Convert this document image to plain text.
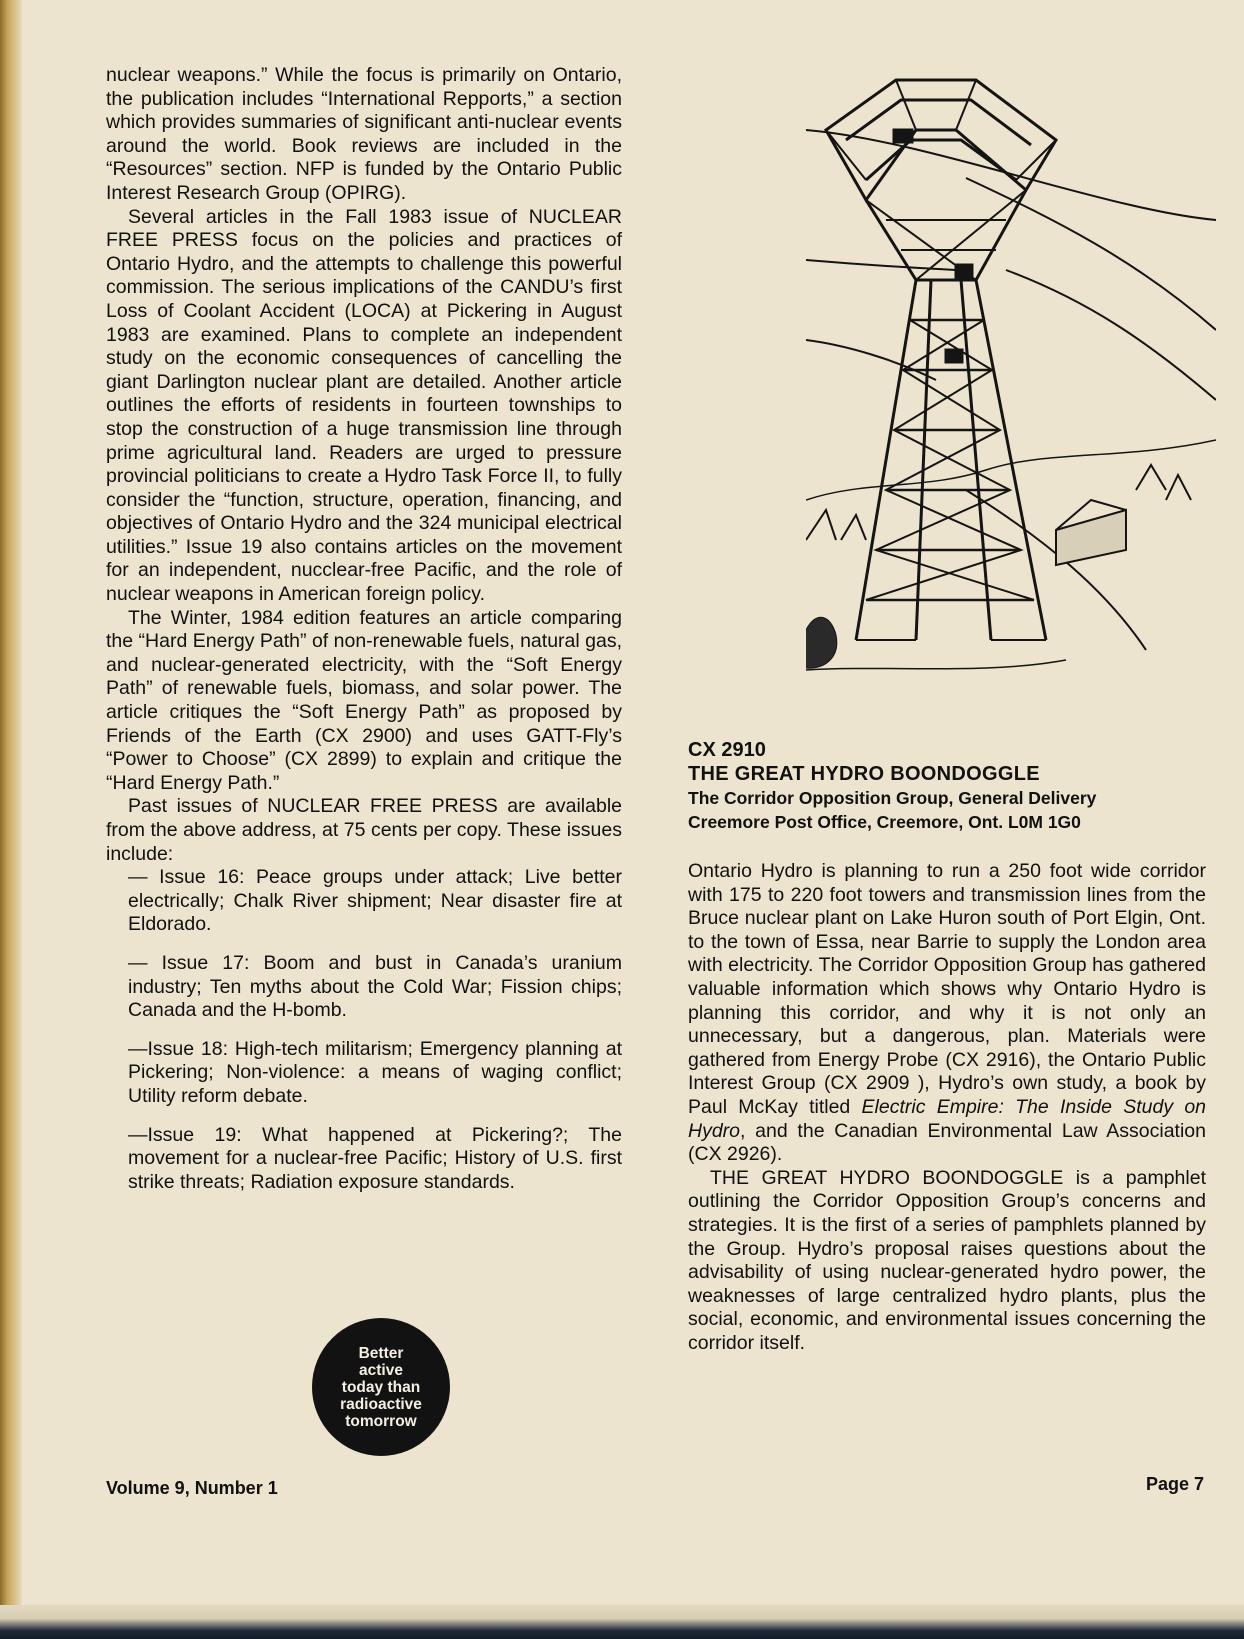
nuclear weapons.” While the focus is primarily on Ontario, the publication includes “International Repports,” a section which provides summaries of significant anti-nuclear events around the world. Book reviews are included in the “Resources” section. NFP is funded by the Ontario Public Interest Research Group (OPIRG).

Several articles in the Fall 1983 issue of NUCLEAR FREE PRESS focus on the policies and practices of Ontario Hydro, and the attempts to challenge this powerful commission. The serious implications of the CANDU’s first Loss of Coolant Accident (LOCA) at Pickering in August 1983 are examined. Plans to complete an independent study on the economic consequences of cancelling the giant Darlington nuclear plant are detailed. Another article outlines the efforts of residents in fourteen townships to stop the construction of a huge transmission line through prime agricultural land. Readers are urged to pressure provincial politicians to create a Hydro Task Force II, to fully consider the “function, structure, operation, financing, and objectives of Ontario Hydro and the 324 municipal electrical utilities.” Issue 19 also contains articles on the movement for an independent, nucclear-free Pacific, and the role of nuclear weapons in American foreign policy.

The Winter, 1984 edition features an article comparing the “Hard Energy Path” of non-renewable fuels, natural gas, and nuclear-generated electricity, with the “Soft Energy Path” of renewable fuels, biomass, and solar power. The article critiques the “Soft Energy Path” as proposed by Friends of the Earth (CX 2900) and uses GATT-Fly’s “Power to Choose” (CX 2899) to explain and critique the “Hard Energy Path.”

Past issues of NUCLEAR FREE PRESS are available from the above address, at 75 cents per copy. These issues include:

— Issue 16: Peace groups under attack; Live better electrically; Chalk River shipment; Near disaster fire at Eldorado.
— Issue 17: Boom and bust in Canada’s uranium industry; Ten myths about the Cold War; Fission chips; Canada and the H-bomb.
—Issue 18: High-tech militarism; Emergency planning at Pickering; Non-violence: a means of waging conflict; Utility reform debate.
—Issue 19: What happened at Pickering?; The movement for a nuclear-free Pacific; History of U.S. first strike threats; Radiation exposure standards.
Better
active
today than
radioactive
tomorrow
CX 2910
THE GREAT HYDRO BOONDOGGLE
The Corridor Opposition Group, General Delivery
Creemore Post Office, Creemore, Ont. L0M 1G0

Ontario Hydro is planning to run a 250 foot wide corridor with 175 to 220 foot towers and transmission lines from the Bruce nuclear plant on Lake Huron south of Port Elgin, Ont. to the town of Essa, near Barrie to supply the London area with electricity. The Corridor Opposition Group has gathered valuable information which shows why Ontario Hydro is planning this corridor, and why it is not only an unnecessary, but a dangerous, plan. Materials were gathered from Energy Probe (CX 2916), the Ontario Public Interest Group (CX 2909 ), Hydro’s own study, a book by Paul McKay titled Electric Empire: The Inside Study on Hydro, and the Canadian Environmental Law Association (CX 2926).

THE GREAT HYDRO BOONDOGGLE is a pamphlet outlining the Corridor Opposition Group’s concerns and strategies. It is the first of a series of pamphlets planned by the Group. Hydro’s proposal raises questions about the advisability of using nuclear-generated hydro power, the weaknesses of large centralized hydro plants, plus the social, economic, and environmental issues concerning the corridor itself.

Volume 9, Number 1	Page 7
